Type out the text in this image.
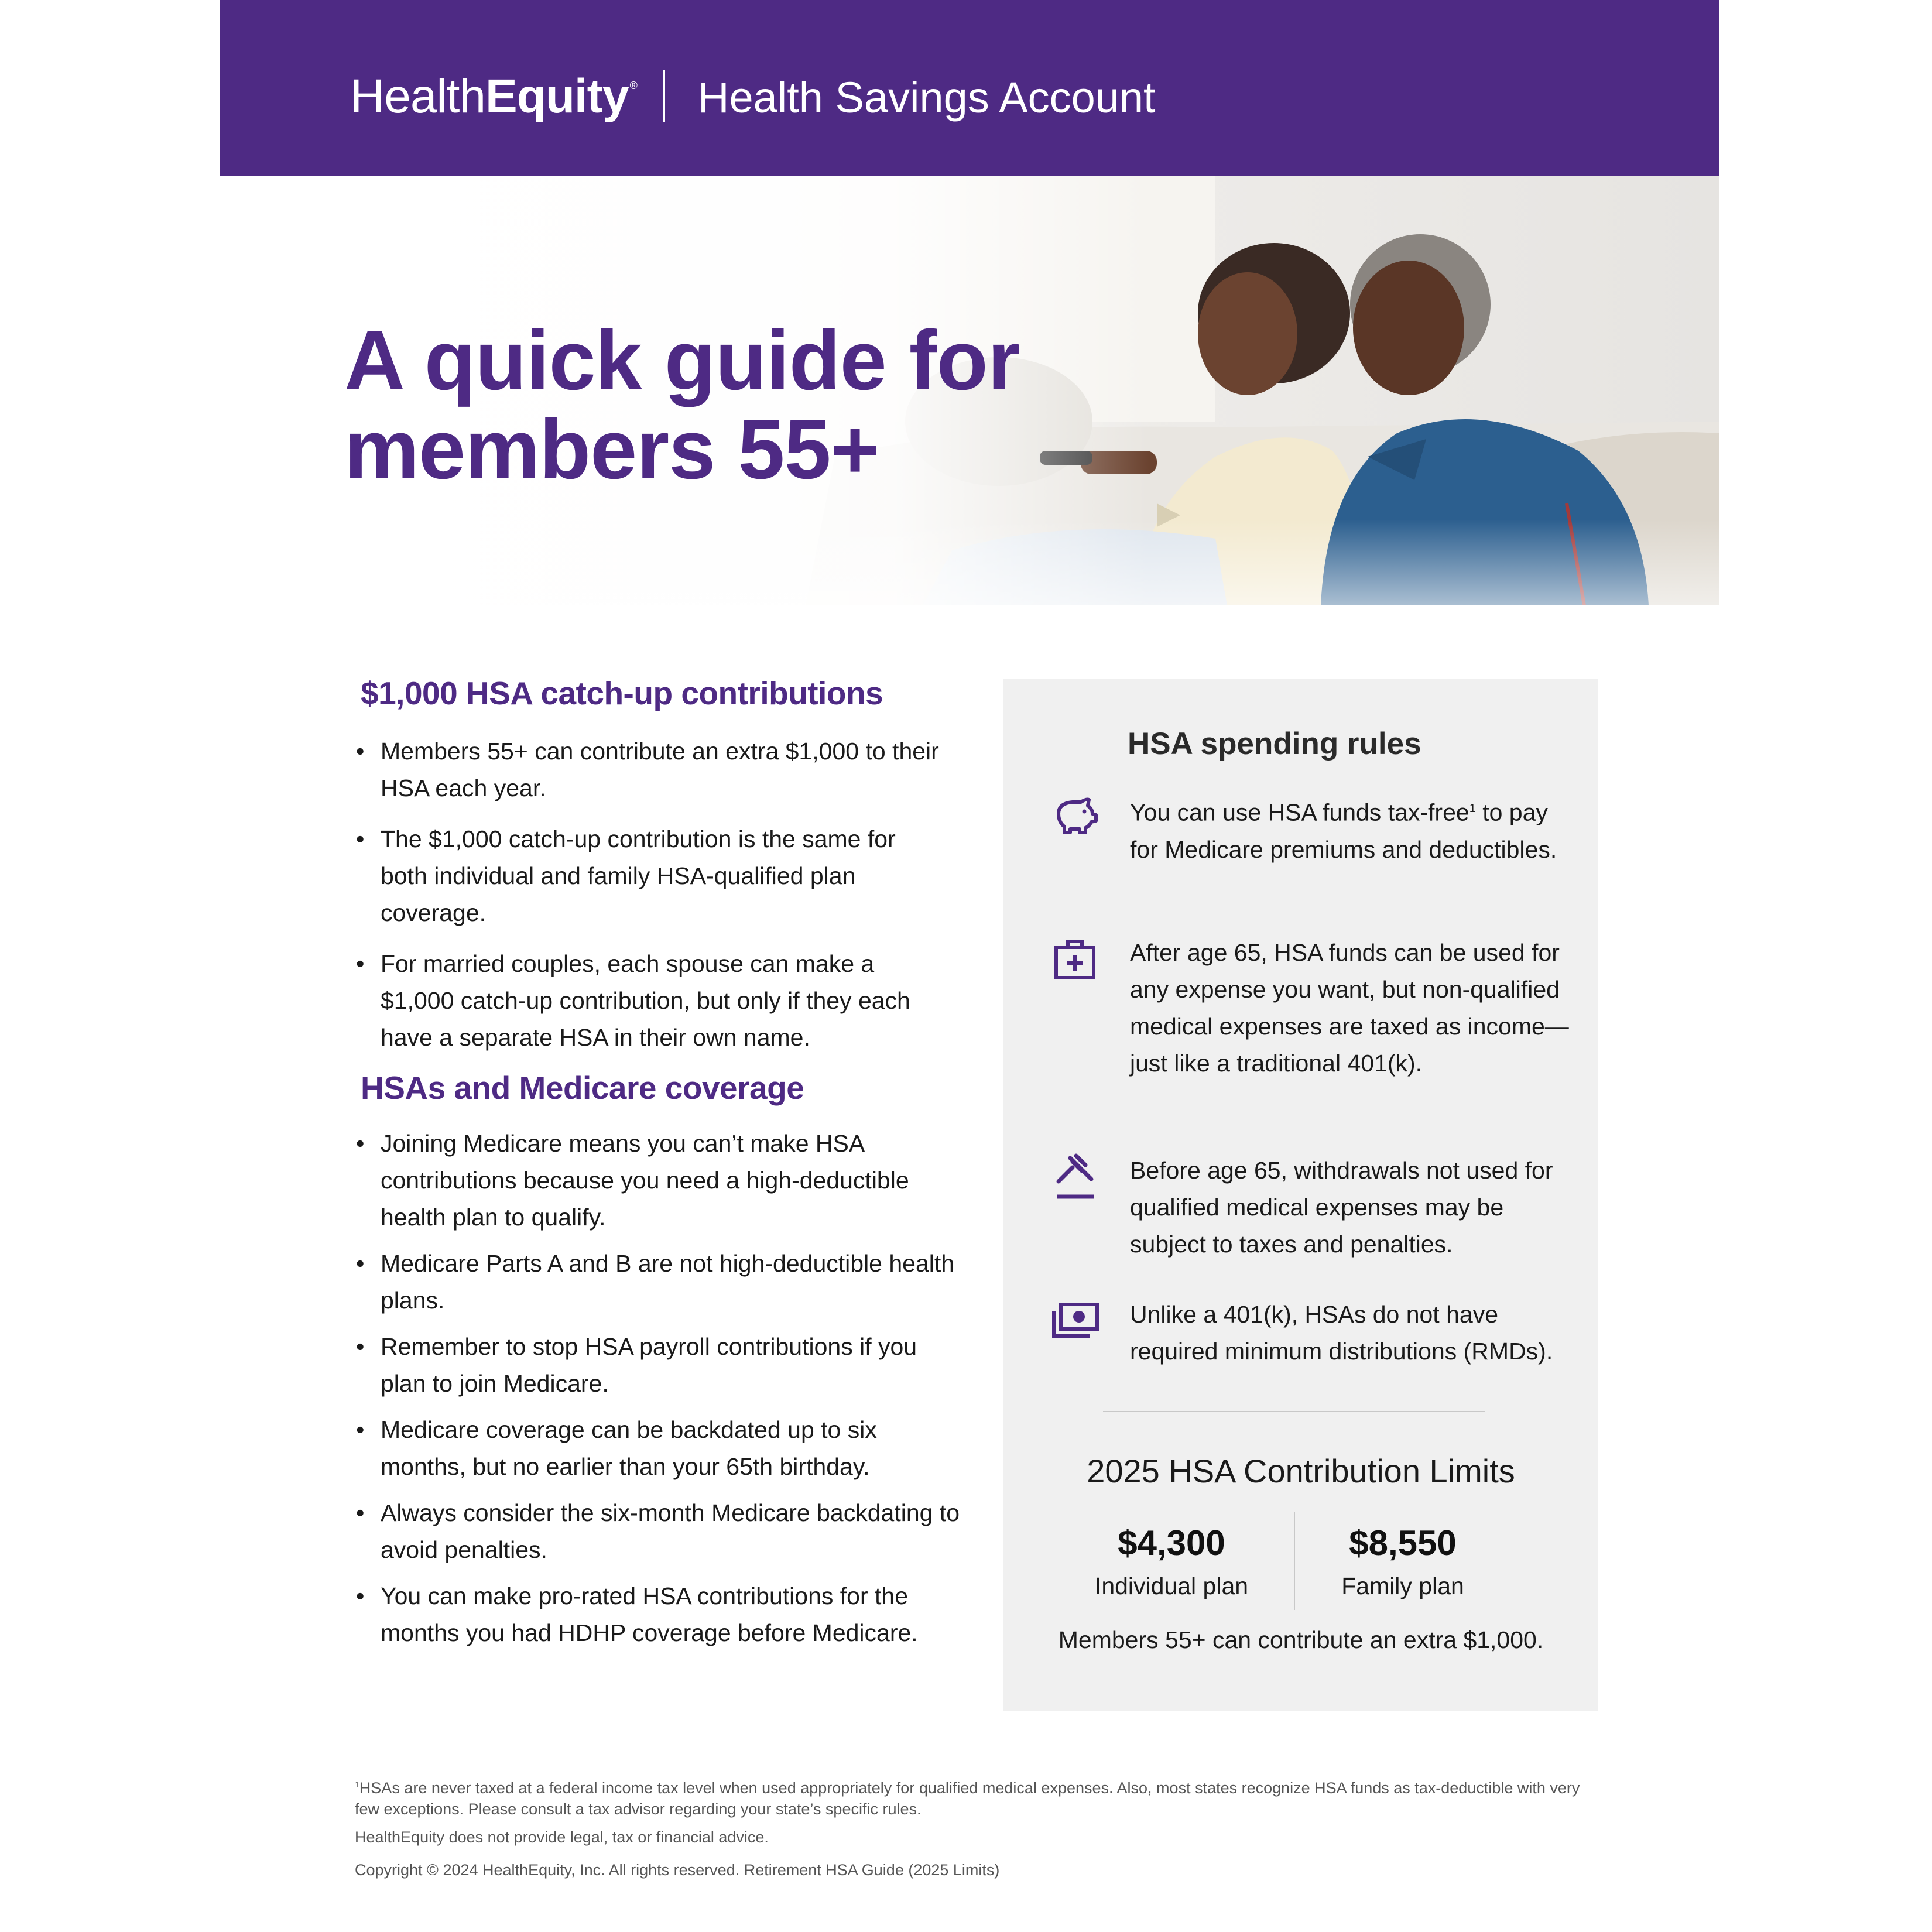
HealthEquity ® Health Savings Account
A quick guide for
members 55+
$1,000 HSA catch-up contributions
• Members 55+ can contribute an extra $1,000 to their HSA each year.
• The $1,000 catch-up contribution is the same for both individual and family HSA-qualified plan coverage.
• For married couples, each spouse can make a $1,000 catch-up contribution, but only if they each have a separate HSA in their own name.
HSAs and Medicare coverage
• Joining Medicare means you can’t make HSA contributions because you need a high-deductible health plan to qualify.
• Medicare Parts A and B are not high-deductible health plans.
• Remember to stop HSA payroll contributions if you plan to join Medicare.
• Medicare coverage can be backdated up to six months, but no earlier than your 65th birthday.
• Always consider the six-month Medicare backdating to avoid penalties.
• You can make pro-rated HSA contributions for the months you had HDHP coverage before Medicare.
HSA spending rules
You can use HSA funds tax-free$^1$ to pay for Medicare premiums and deductibles.
After age 65, HSA funds can be used for any expense you want, but non-qualified medical expenses are taxed as income—just like a traditional 401(k).
Before age 65, withdrawals not used for qualified medical expenses may be subject to taxes and penalties.
Unlike a 401(k), HSAs do not have required minimum distributions (RMDs).
2025 HSA Contribution Limits
$4,300
Individual plan
$8,550
Family plan
Members 55+ can contribute an extra $1,000.
$^1$HSAs are never taxed at a federal income tax level when used appropriately for qualified medical expenses. Also, most states recognize HSA funds as tax-deductible with very few exceptions. Please consult a tax advisor regarding your state’s specific rules.
HealthEquity does not provide legal, tax or financial advice.
Copyright © 2024 HealthEquity, Inc. All rights reserved. Retirement HSA Guide (2025 Limits)
